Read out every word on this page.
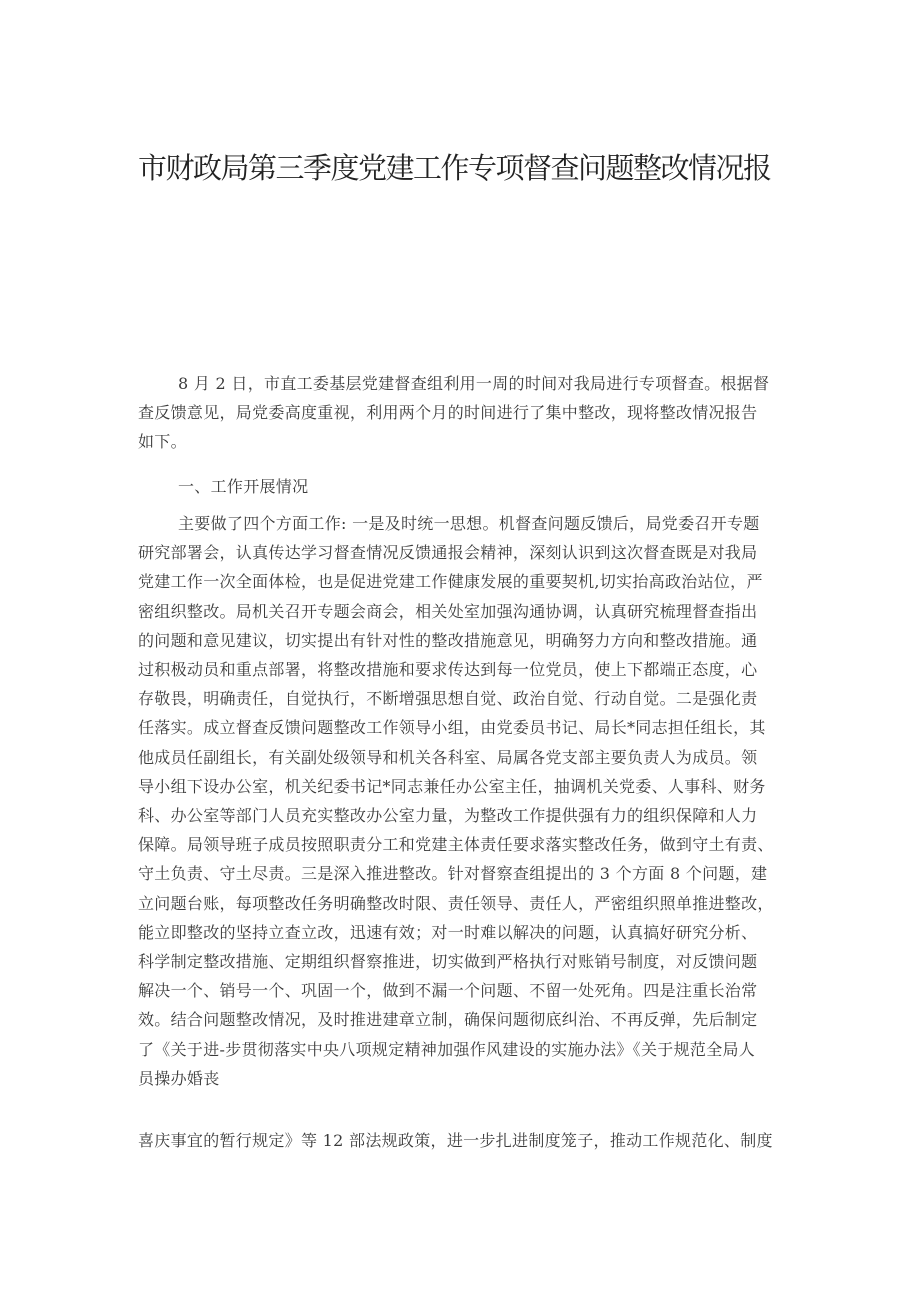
市财政局第三季度党建工作专项督查问题整改情况报
8 月 2 日，市直工委基层党建督查组利用一周的时间对我局进行专项督查。根据督
查反馈意见，局党委高度重视，利用两个月的时间进行了集中整改，现将整改情况报告
如下。
一、工作开展情况
主要做了四个方面工作: 一是及时统一思想。机督查问题反馈后，局党委召开专题
研究部署会，认真传达学习督查情况反馈通报会精神，深刻认识到这次督查既是对我局
党建工作一次全面体检，也是促进党建工作健康发展的重要契机,切实抬高政治站位，严
密组织整改。局机关召开专题会商会，相关处室加强沟通协调，认真研究梳理督查指出
的问题和意见建议，切实提出有针对性的整改措施意见，明确努力方向和整改措施。通
过积极动员和重点部署，将整改措施和要求传达到每一位党员，使上下都端正态度，心
存敬畏，明确责任，自觉执行，不断增强思想自觉、政治自觉、行动自觉。二是强化责
任落实。成立督查反馈问题整改工作领导小组，由党委员书记、局长*同志担任组长，其
他成员任副组长，有关副处级领导和机关各科室、局属各党支部主要负责人为成员。领
导小组下设办公室，机关纪委书记*同志兼任办公室主任，抽调机关党委、人事科、财务
科、办公室等部门人员充实整改办公室力量，为整改工作提供强有力的组织保障和人力
保障。局领导班子成员按照职责分工和党建主体责任要求落实整改任务，做到守土有责、
守土负责、守土尽责。三是深入推进整改。针对督察查组提出的 3 个方面 8 个问题，建
立问题台账，每项整改任务明确整改时限、责任领导、责任人，严密组织照单推进整改，
能立即整改的坚持立查立改，迅速有效；对一时难以解决的问题，认真搞好研究分析、
科学制定整改措施、定期组织督察推进，切实做到严格执行对账销号制度，对反馈问题
解决一个、销号一个、巩固一个，做到不漏一个问题、不留一处死角。四是注重长治常
效。结合问题整改情况，及时推进建章立制，确保问题彻底纠治、不再反弹，先后制定
了《关于进-步贯彻落实中央八项规定精神加强作风建设的实施办法》《关于规范全局人
员操办婚丧
喜庆事宜的暂行规定》等 12 部法规政策，进一步扎进制度笼子，推动工作规范化、制度
